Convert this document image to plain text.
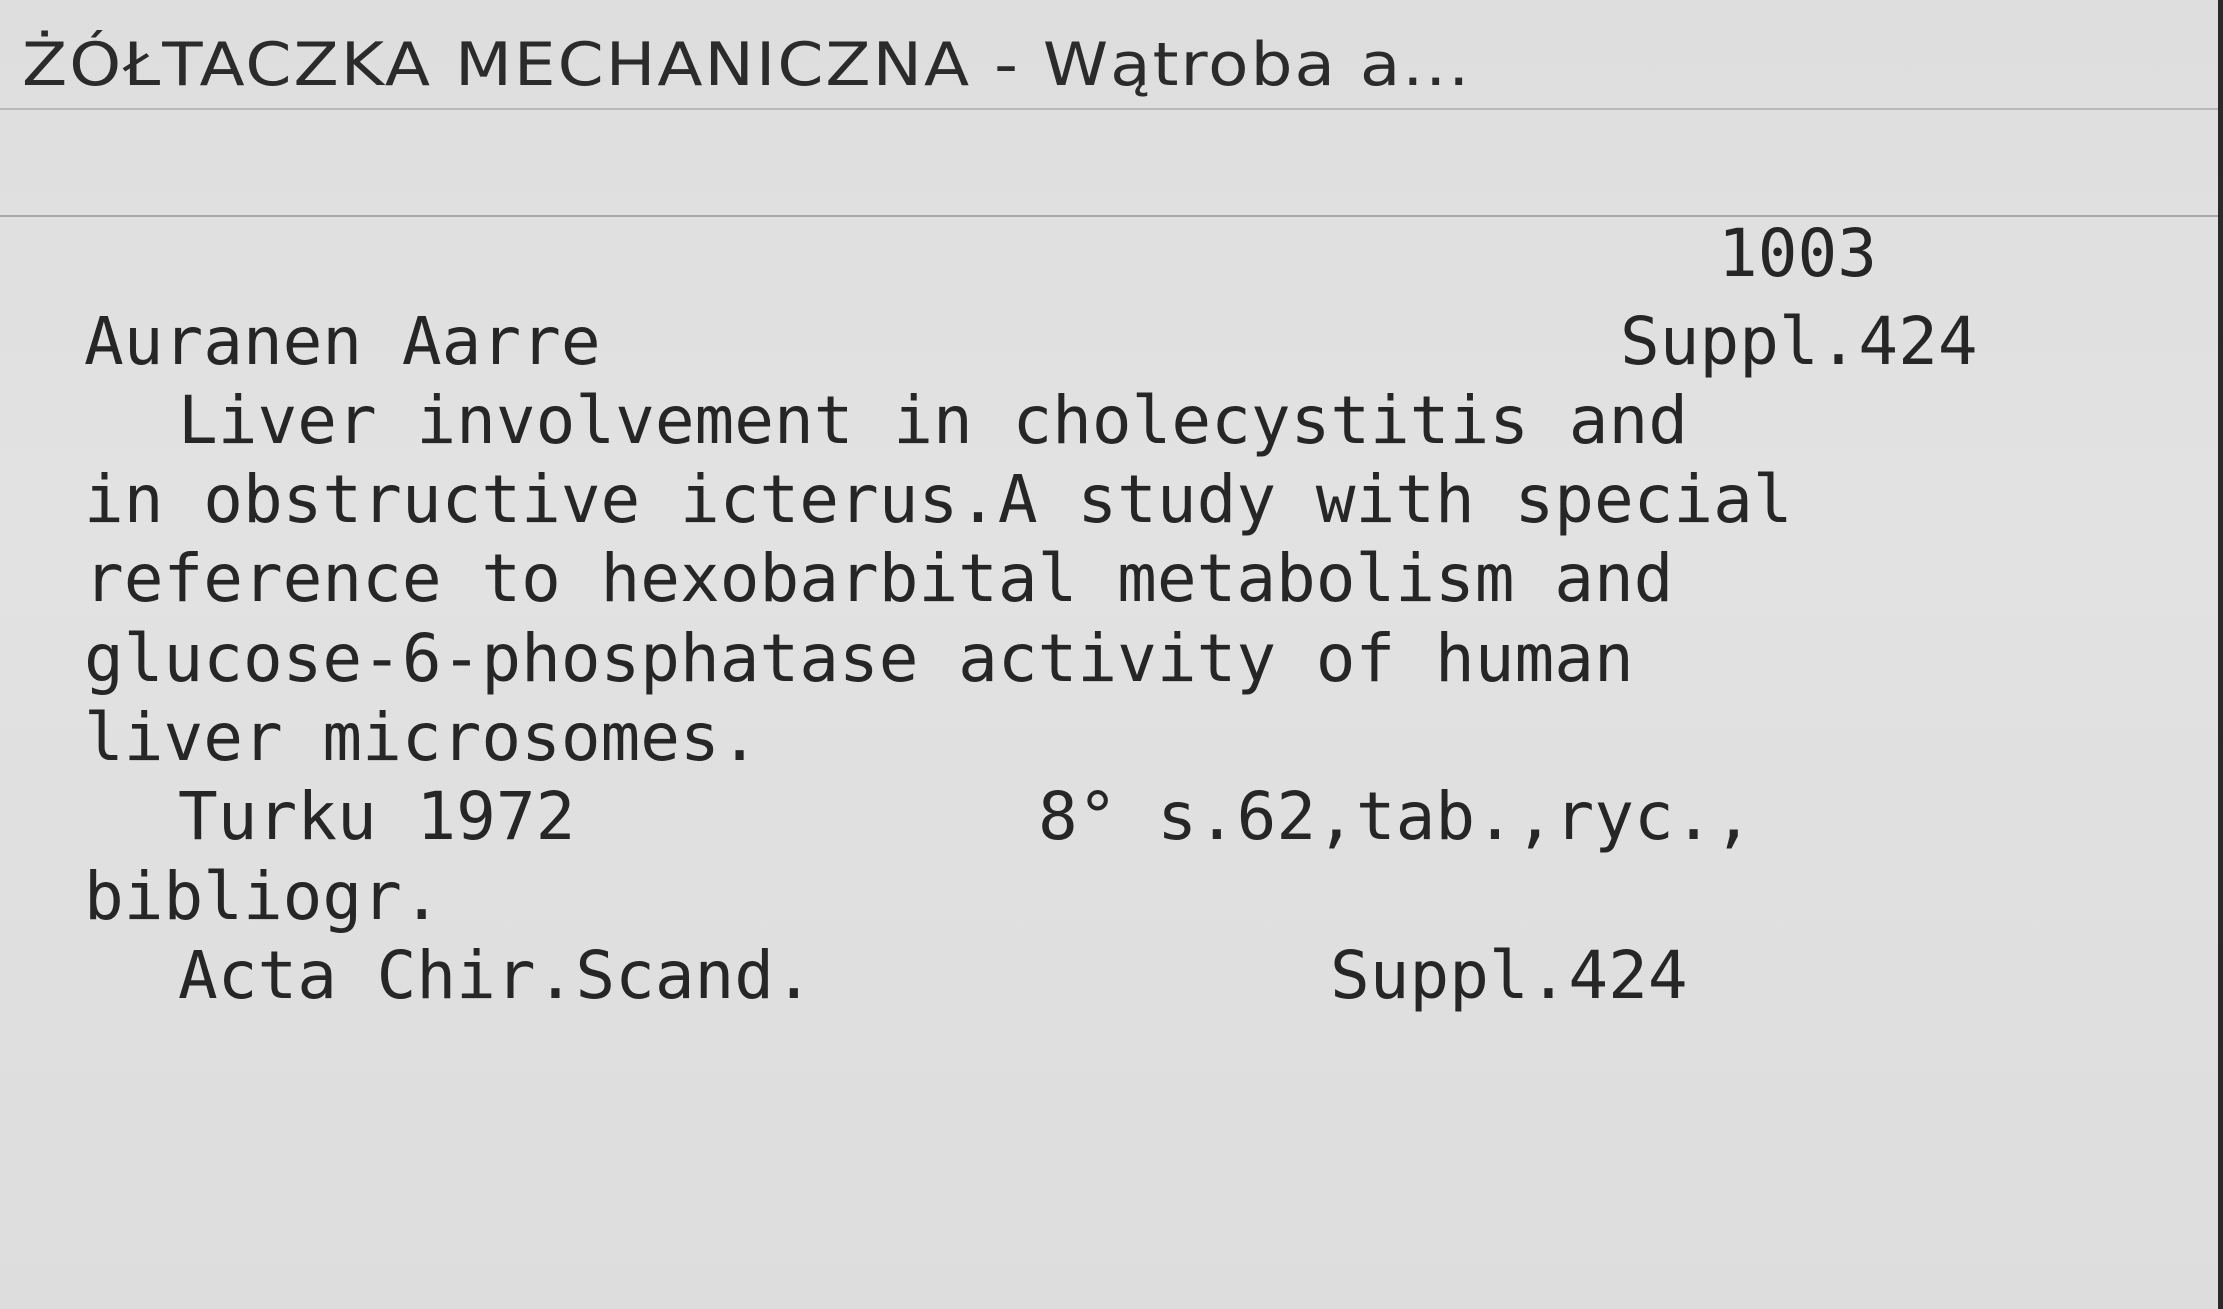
ŻÓŁTACZKA MECHANICZNA - Wątroba a...
1003
Auranen Aarre	Suppl.424
Liver involvement in cholecystitis and
in obstructive icterus.A study with special
reference to hexobarbital metabolism and
glucose-6-phosphatase activity of human
liver microsomes.
Turku 1972	8° s.62,tab.,ryc.,
bibliogr.
Acta Chir.Scand.	Suppl.424
